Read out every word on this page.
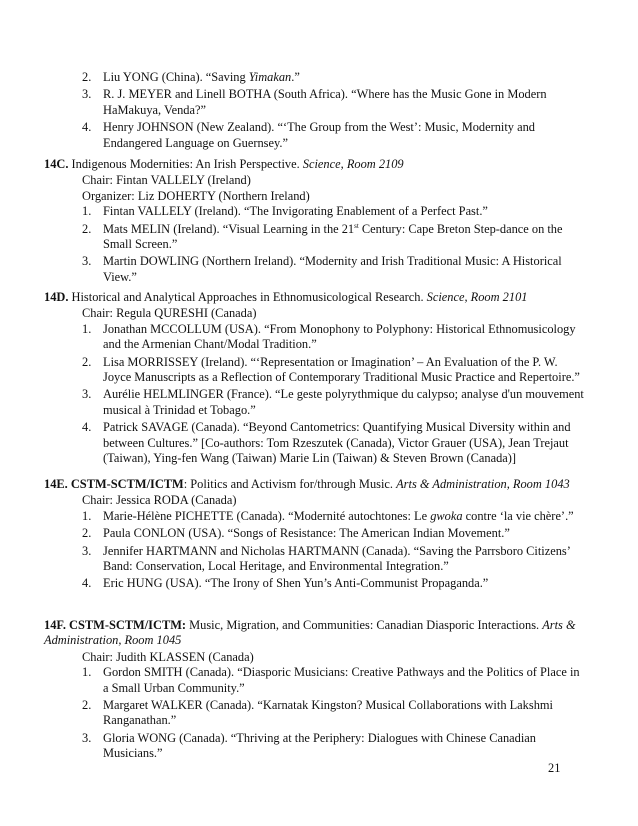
2. Liu YONG (China). “Saving Yimakan.”
3. R. J. MEYER and Linell BOTHA (South Africa). “Where has the Music Gone in Modern HaMakuya, Venda?”
4. Henry JOHNSON (New Zealand). “‘The Group from the West’: Music, Modernity and Endangered Language on Guernsey.”

14C. Indigenous Modernities: An Irish Perspective. Science, Room 2109

Chair: Fintan VALLELY (Ireland)

Organizer: Liz DOHERTY (Northern Ireland)

1. Fintan VALLELY (Ireland). “The Invigorating Enablement of a Perfect Past.”
2. Mats MELIN (Ireland). “Visual Learning in the 21st Century: Cape Breton Step-dance on the Small Screen.”
3. Martin DOWLING (Northern Ireland). “Modernity and Irish Traditional Music: A Historical View.”

14D. Historical and Analytical Approaches in Ethnomusicological Research. Science, Room 2101

Chair: Regula QURESHI (Canada)

1. Jonathan MCCOLLUM (USA). “From Monophony to Polyphony: Historical Ethnomusicology and the Armenian Chant/Modal Tradition.”
2. Lisa MORRISSEY (Ireland). “‘Representation or Imagination’ – An Evaluation of the P. W. Joyce Manuscripts as a Reflection of Contemporary Traditional Music Practice and Repertoire.”
3. Aurélie HELMLINGER (France). “Le geste polyrythmique du calypso; analyse d'un mouvement musical à Trinidad et Tobago.”
4. Patrick SAVAGE (Canada). “Beyond Cantometrics: Quantifying Musical Diversity within and between Cultures.” [Co-authors: Tom Rzeszutek (Canada), Victor Grauer (USA), Jean Trejaut (Taiwan), Ying-fen Wang (Taiwan) Marie Lin (Taiwan) & Steven Brown (Canada)]

14E. CSTM-SCTM/ICTM: Politics and Activism for/through Music. Arts & Administration, Room 1043

Chair: Jessica RODA (Canada)

1. Marie-Hélène PICHETTE (Canada). “Modernité autochtones: Le gwoka contre ‘la vie chère’.”
2. Paula CONLON (USA). “Songs of Resistance: The American Indian Movement.”
3. Jennifer HARTMANN and Nicholas HARTMANN (Canada). “Saving the Parrsboro Citizens’ Band: Conservation, Local Heritage, and Environmental Integration.”
4. Eric HUNG (USA). “The Irony of Shen Yun’s Anti-Communist Propaganda.”

14F. CSTM-SCTM/ICTM: Music, Migration, and Communities: Canadian Diasporic Interactions. Arts & Administration, Room 1045

Chair: Judith KLASSEN (Canada)

1. Gordon SMITH (Canada). “Diasporic Musicians: Creative Pathways and the Politics of Place in a Small Urban Community.”
2. Margaret WALKER (Canada). “Karnatak Kingston? Musical Collaborations with Lakshmi Ranganathan.”
3. Gloria WONG (Canada). “Thriving at the Periphery: Dialogues with Chinese Canadian Musicians.”
21
